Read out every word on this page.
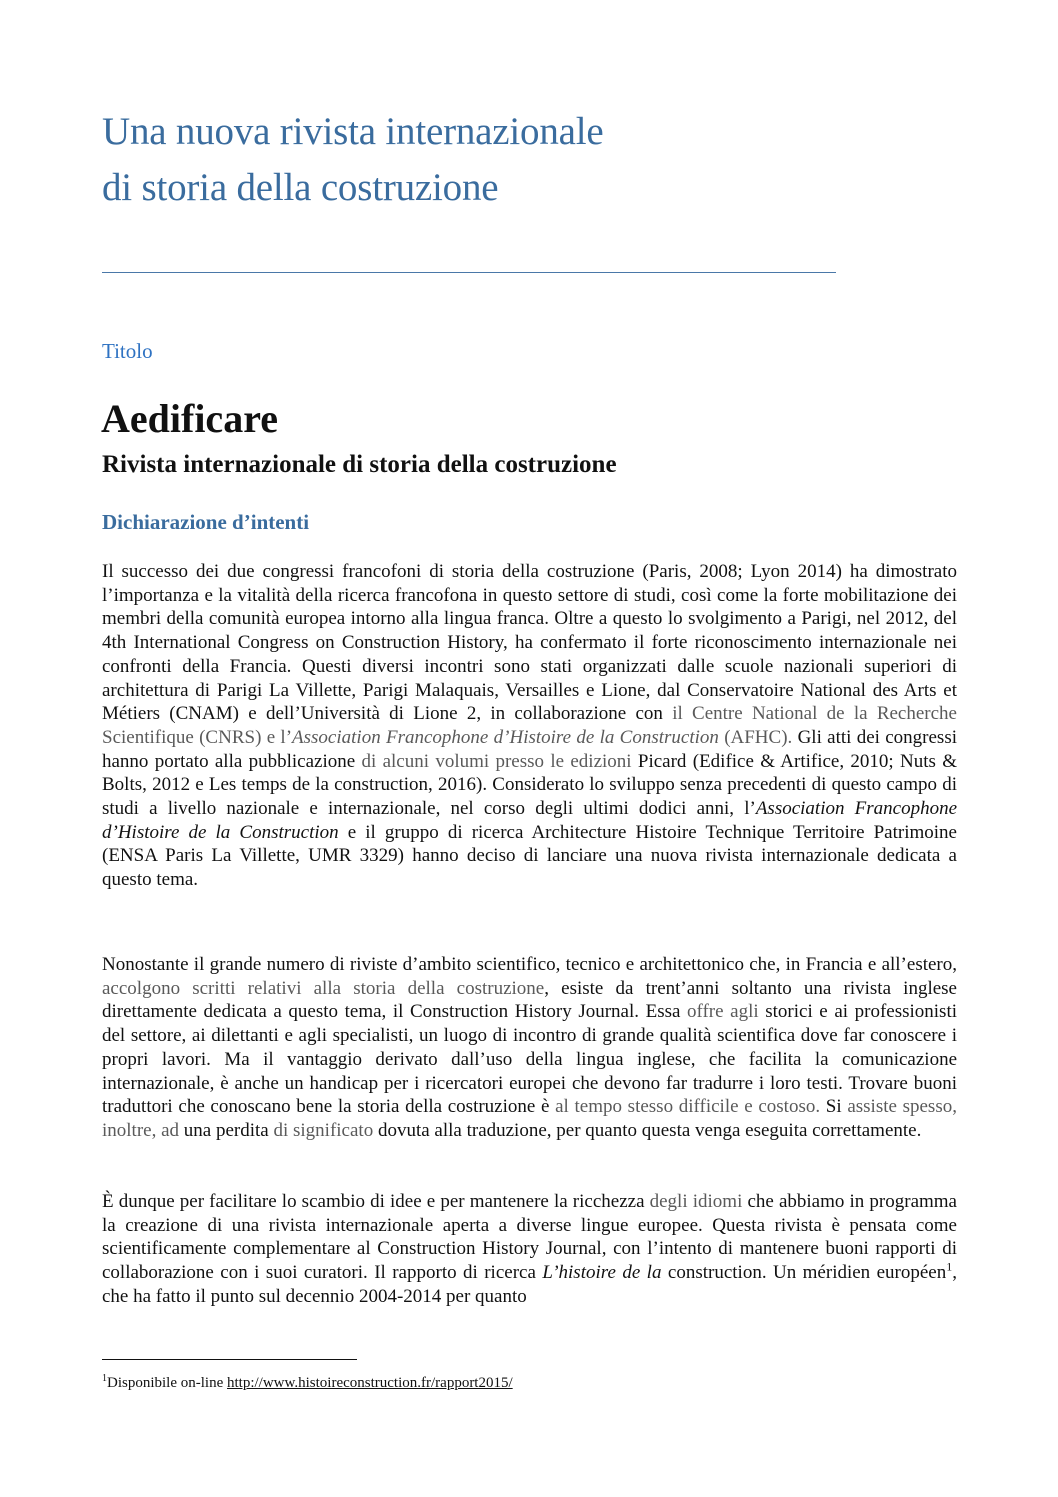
Una nuova rivista internazionale
di storia della costruzione
Titolo
Aedificare
Rivista internazionale di storia della costruzione
Dichiarazione d’intenti

Il successo dei due congressi francofoni di storia della costruzione (Paris, 2008; Lyon 2014) ha dimostrato l’importanza e la vitalità della ricerca francofona in questo settore di studi, così come la forte mobilitazione dei membri della comunità europea intorno alla lingua franca. Oltre a questo lo svolgimento a Parigi, nel 2012, del 4th International Congress on Construction History, ha confermato il forte riconoscimento internazionale nei confronti della Francia. Questi diversi incontri sono stati organizzati dalle scuole nazionali superiori di architettura di Parigi La Villette, Parigi Malaquais, Versailles e Lione, dal Conservatoire National des Arts et Métiers (CNAM) e dell’Università di Lione 2, in collaborazione con il Centre National de la Recherche Scientifique (CNRS) e l’Association Francophone d’Histoire de la Construction (AFHC). Gli atti dei congressi hanno portato alla pubblicazione di alcuni volumi presso le edizioni Picard (Edifice & Artifice, 2010; Nuts & Bolts, 2012 e Les temps de la construction, 2016). Considerato lo sviluppo senza precedenti di questo campo di studi a livello nazionale e internazionale, nel corso degli ultimi dodici anni, l’Association Francophone d’Histoire de la Construction e il gruppo di ricerca Architecture Histoire Technique Territoire Patrimoine (ENSA Paris La Villette, UMR 3329) hanno deciso di lanciare una nuova rivista internazionale dedicata a questo tema.

Nonostante il grande numero di riviste d’ambito scientifico, tecnico e architettonico che, in Francia e all’estero, accolgono scritti relativi alla storia della costruzione, esiste da trent’anni soltanto una rivista inglese direttamente dedicata a questo tema, il Construction History Journal. Essa offre agli storici e ai professionisti del settore, ai dilettanti e agli specialisti, un luogo di incontro di grande qualità scientifica dove far conoscere i propri lavori. Ma il vantaggio derivato dall’uso della lingua inglese, che facilita la comunicazione internazionale, è anche un handicap per i ricercatori europei che devono far tradurre i loro testi. Trovare buoni traduttori che conoscano bene la storia della costruzione è al tempo stesso difficile e costoso. Si assiste spesso, inoltre, ad una perdita di significato dovuta alla traduzione, per quanto questa venga eseguita correttamente.

È dunque per facilitare lo scambio di idee e per mantenere la ricchezza degli idiomi che abbiamo in programma la creazione di una rivista internazionale aperta a diverse lingue europee. Questa rivista è pensata come scientificamente complementare al Construction History Journal, con l’intento di mantenere buoni rapporti di collaborazione con i suoi curatori. Il rapporto di ricerca L’histoire de la construction. Un méridien européen$^1$, che ha fatto il punto sul decennio 2004-2014 per quanto

$^1$Disponibile on-line http://www.histoireconstruction.fr/rapport2015/
